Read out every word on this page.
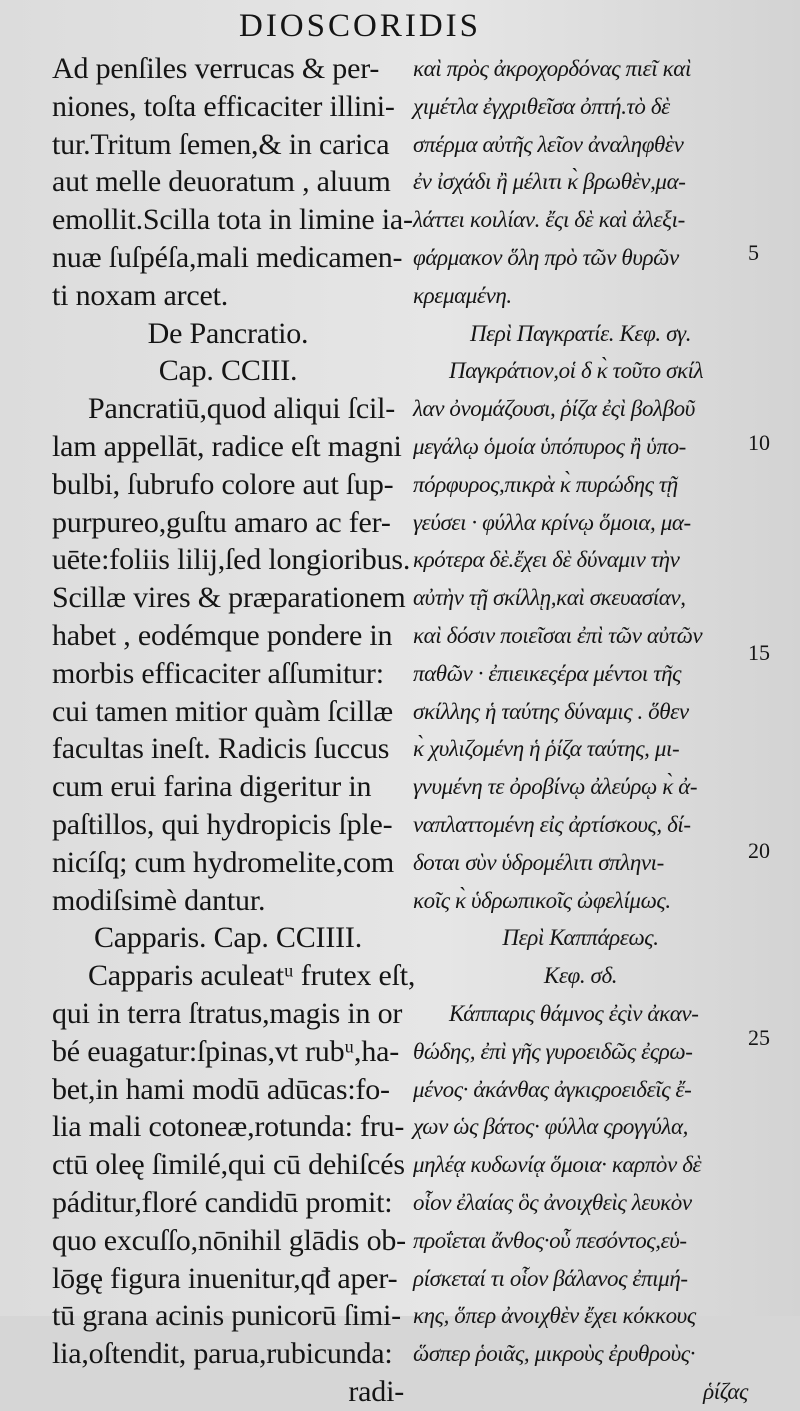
DIOSCORIDIS
Ad penſiles verrucas & per-
niones, toſta efficaciter illini-
tur.Tritum ſemen,& in carica
aut melle deuoratum , aluum
emollit.Scilla tota in limine ia-
nuæ ſuſpéſa,mali medicamen-
ti noxam arcet.
De Pancratio.
Cap. CCIII.
Pancratiū,quod aliqui ſcil-
lam appellāt, radice eſt magni
bulbi, ſubrufo colore aut ſup-
purpureo,guſtu amaro ac fer-
uēte:foliis lilij,ſed longioribus.
Scillæ vires & præparationem
habet , eodémque pondere in
morbis efficaciter aſſumitur:
cui tamen mitior quàm ſcillæ
facultas ineſt. Radicis ſuccus
cum erui farina digeritur in
paſtillos, qui hydropicis ſple-
nicíſq; cum hydromelite,com
modiſsimè dantur.
Capparis. Cap. CCIIII.
Capparis aculeatᵘ frutex eſt,
qui in terra ſtratus,magis in or
bé euagatur:ſpinas,vt rubᵘ,ha-
bet,in hami modū adūcas:fo-
lia mali cotoneæ,rotunda: fru-
ctū oleę ſimilé,qui cū dehiſcés
páditur,floré candidū promit:
quo excuſſo,nōnihil glādis ob-
lōgę figura inuenitur,qđ aper-
tū grana acinis punicorū ſimi-
lia,oſtendit, parua,rubicunda:
radi-
καὶ πρὸς ἀκροχορδόνας πιεῖ καὶ
χιμέτλα ἐγχριθεῖσα ὀπτή.τὸ δὲ
σπέρμα αὐτῆς λεῖον ἀναληφθὲν
ἐν ἰσχάδι ἢ μέλιτι κ̀ βρωθὲν,μα-
λάττει κοιλίαν. ἔςι δὲ καὶ ἀλεξι-
φάρμακον ὅλη πρὸ τῶν θυρῶν
κρεμαμένη.
Περὶ Παγκρατίε. Κεφ. σγ.
Παγκράτιον,οἱ δ κ̀ τοῦτο σκίλ
λαν ὀνομάζουσι, ῥίζα ἐςὶ βολβοῦ
μεγάλῳ ὁμοία ὑπόπυρος ἢ ὑπο-
πόρφυρος,πικρὰ κ̀ πυρώδης τῇ
γεύσει · φύλλα κρίνῳ ὅμοια, μα-
κρότερα δὲ.ἔχει δὲ δύναμιν τὴν
αὐτὴν τῇ σκίλλῃ,καὶ σκευασίαν,
καὶ δόσιν ποιεῖσαι ἐπὶ τῶν αὐτῶν
παθῶν · ἐπιεικεςέρα μέντοι τῆς
σκίλλης ἡ ταύτης δύναμις . ὅθεν
κ̀ χυλιζομένη ἡ ῥίζα ταύτης, μι-
γνυμένη τε ὀροβίνῳ ἀλεύρῳ κ̀ ἀ-
ναπλαττομένη εἰς ἀρτίσκους, δί-
δοται σὺν ὑδρομέλιτι σπληνι-
κοῖς κ̀ ὑδρωπικοῖς ὠφελίμως.
Περὶ Καππάρεως.
Κεφ. σδ.
Κάππαρις θάμνος ἐςὶν ἀκαν-
θώδης, ἐπὶ γῆς γυροειδῶς ἐςρω-
μένος· ἀκάνθας ἀγκιςροειδεῖς ἔ-
χων ὡς βάτος· φύλλα ςρογγύλα,
μηλέᾳ κυδωνίᾳ ὅμοια· καρπὸν δὲ
οἷον ἐλαίας ὃς ἀνοιχθεὶς λευκὸν
προΐεται ἄνθος·οὗ πεσόντος,εὑ-
ρίσκεταί τι οἷον βάλανος ἐπιμή-
κης, ὅπερ ἀνοιχθὲν ἔχει κόκκους
ὥσπερ ῥοιᾶς, μικροὺς ἐρυθροὺς·
ῥίζας
5
10
15
20
25
